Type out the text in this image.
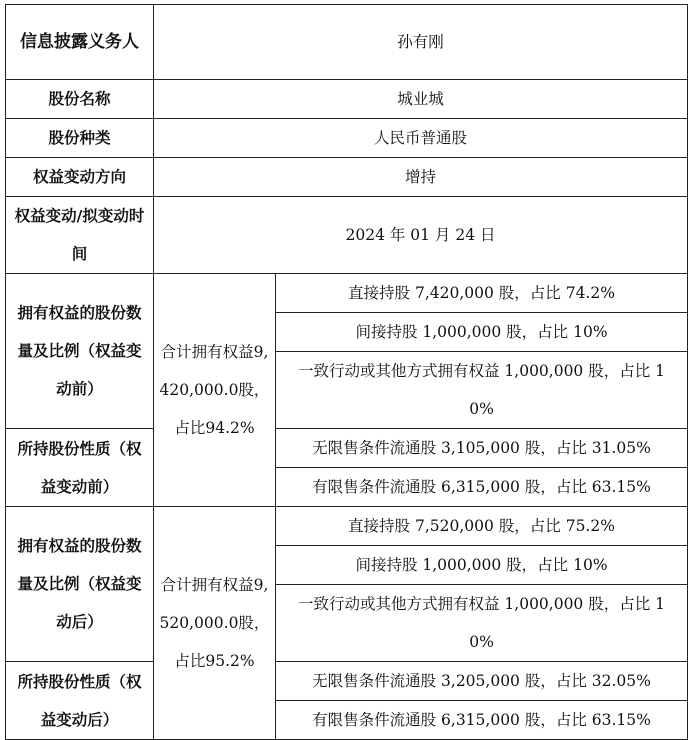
信息披露义务人	孙有刚	
股份名称	城业城	
股份种类	人民币普通股	
权益变动方向	增持	
权益变动/拟变动时间	2024 年 01 月 24 日	
拥有权益的股份数量及比例（权益变动前）	合计拥有权益9,420,000.0股，占比94.2%	直接持股 7,420,000 股，占比 74.2%
		间接持股 1,000,000 股，占比 10%
		一致行动或其他方式拥有权益 1,000,000 股，占比 10%

所持股份性质（权益变动前）		无限售条件流通股 3,105,000 股，占比 31.05%
		有限售条件流通股 6,315,000 股，占比 63.15%
拥有权益的股份数量及比例（权益变动后）	合计拥有权益9,520,000.0股，占比95.2%	直接持股 7,520,000 股，占比 75.2%
		间接持股 1,000,000 股，占比 10%
		一致行动或其他方式拥有权益 1,000,000 股，占比 10%

所持股份性质（权益变动后）		无限售条件流通股 3,205,000 股，占比 32.05%
		有限售条件流通股 6,315,000 股，占比 63.15%
